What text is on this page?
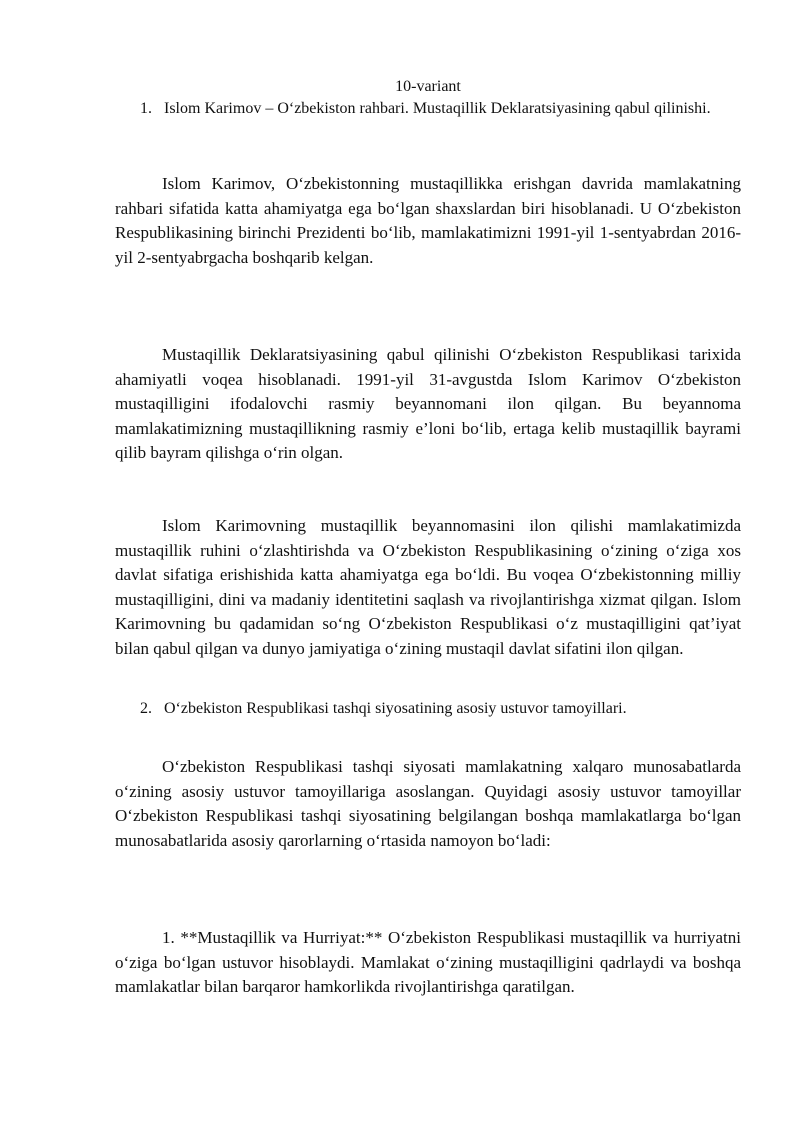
10-variant
1. Islom Karimov – O‘zbekiston rahbari. Mustaqillik Deklaratsiyasining qabul qilinishi.

Islom Karimov, O‘zbekistonning mustaqillikka erishgan davrida mamlakatning rahbari sifatida katta ahamiyatga ega bo‘lgan shaxslardan biri hisoblanadi. U O‘zbekiston Respublikasining birinchi Prezidenti bo‘lib, mamlakatimizni 1991-yil 1-sentyabrdan 2016-yil 2-sentyabrgacha boshqarib kelgan.

Mustaqillik Deklaratsiyasining qabul qilinishi O‘zbekiston Respublikasi tarixida ahamiyatli voqea hisoblanadi. 1991-yil 31-avgustda Islom Karimov O‘zbekiston mustaqilligini ifodalovchi rasmiy beyannomani ilon qilgan. Bu beyannoma mamlakatimizning mustaqillikning rasmiy e’loni bo‘lib, ertaga kelib mustaqillik bayrami qilib bayram qilishga o‘rin olgan.

Islom Karimovning mustaqillik beyannomasini ilon qilishi mamlakatimizda mustaqillik ruhini o‘zlashtirishda va O‘zbekiston Respublikasining o‘zining o‘ziga xos davlat sifatiga erishishida katta ahamiyatga ega bo‘ldi. Bu voqea O‘zbekistonning milliy mustaqilligini, dini va madaniy identitetini saqlash va rivojlantirishga xizmat qilgan. Islom Karimovning bu qadamidan so‘ng O‘zbekiston Respublikasi o‘z mustaqilligini qat’iyat bilan qabul qilgan va dunyo jamiyatiga o‘zining mustaqil davlat sifatini ilon qilgan.

2. O‘zbekiston Respublikasi tashqi siyosatining asosiy ustuvor tamoyillari.

O‘zbekiston Respublikasi tashqi siyosati mamlakatning xalqaro munosabatlarda o‘zining asosiy ustuvor tamoyillariga asoslangan. Quyidagi asosiy ustuvor tamoyillar O‘zbekiston Respublikasi tashqi siyosatining belgilangan boshqa mamlakatlarga bo‘lgan munosabatlarida asosiy qarorlarning o‘rtasida namoyon bo‘ladi:

1. **Mustaqillik va Hurriyat:** O‘zbekiston Respublikasi mustaqillik va hurriyatni o‘ziga bo‘lgan ustuvor hisoblaydi. Mamlakat o‘zining mustaqilligini qadrlaydi va boshqa mamlakatlar bilan barqaror hamkorlikda rivojlantirishga qaratilgan.
